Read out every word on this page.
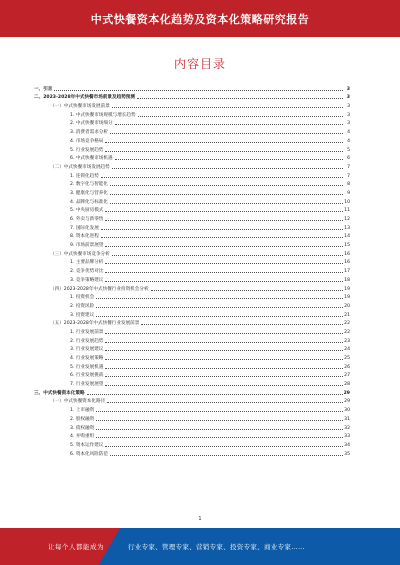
中式快餐资本化趋势及资本化策略研究报告
内容目录
一、引言	3
二、2023-2028年中式快餐市场前景及趋势预测	3
（一）中式快餐市场发展前景	3
1. 中式快餐市场规模与增长趋势	3
2. 中式快餐市场细分	3
3. 消费者需求分析	4
4. 市场竞争格局	4
5. 行业发展趋势	5
6. 中式快餐市场机遇	6
（二）中式快餐市场发展趋势	7
1. 连锁化趋势	7
2. 数字化与智能化	8
3. 健康化与营养化	9
4. 品牌化与标准化	10
5. 中央厨房模式	11
6. 外卖与新零售	12
7. 国际化发展	13
8. 资本化进程	14
9. 市场前景展望	15
（三）中式快餐市场竞争分析	16
1. 主要品牌分析	16
2. 竞争优势对比	17
3. 竞争策略建议	18
（四）2023-2028年中式快餐行业投资机会分析	19
1. 投资机会	19
2. 投资风险	20
3. 投资建议	21
（五）2023-2028年中式快餐行业发展前景	22
1. 行业发展前景	22
2. 行业发展趋势	23
3. 行业发展建议	24
4. 行业发展策略	25
5. 行业发展机遇	26
6. 行业发展挑战	27
7. 行业发展展望	28
三、中式快餐资本化策略	29
（一）中式快餐资本化路径	29
1. 上市融资	30
2. 股权融资	31
3. 债权融资	32
4. 并购重组	33
5. 资本运作建议	34
6. 资本化风险防范	35
1
让每个人都能成为	行业专家、管理专家、营销专家、投资专家、商业专家……
